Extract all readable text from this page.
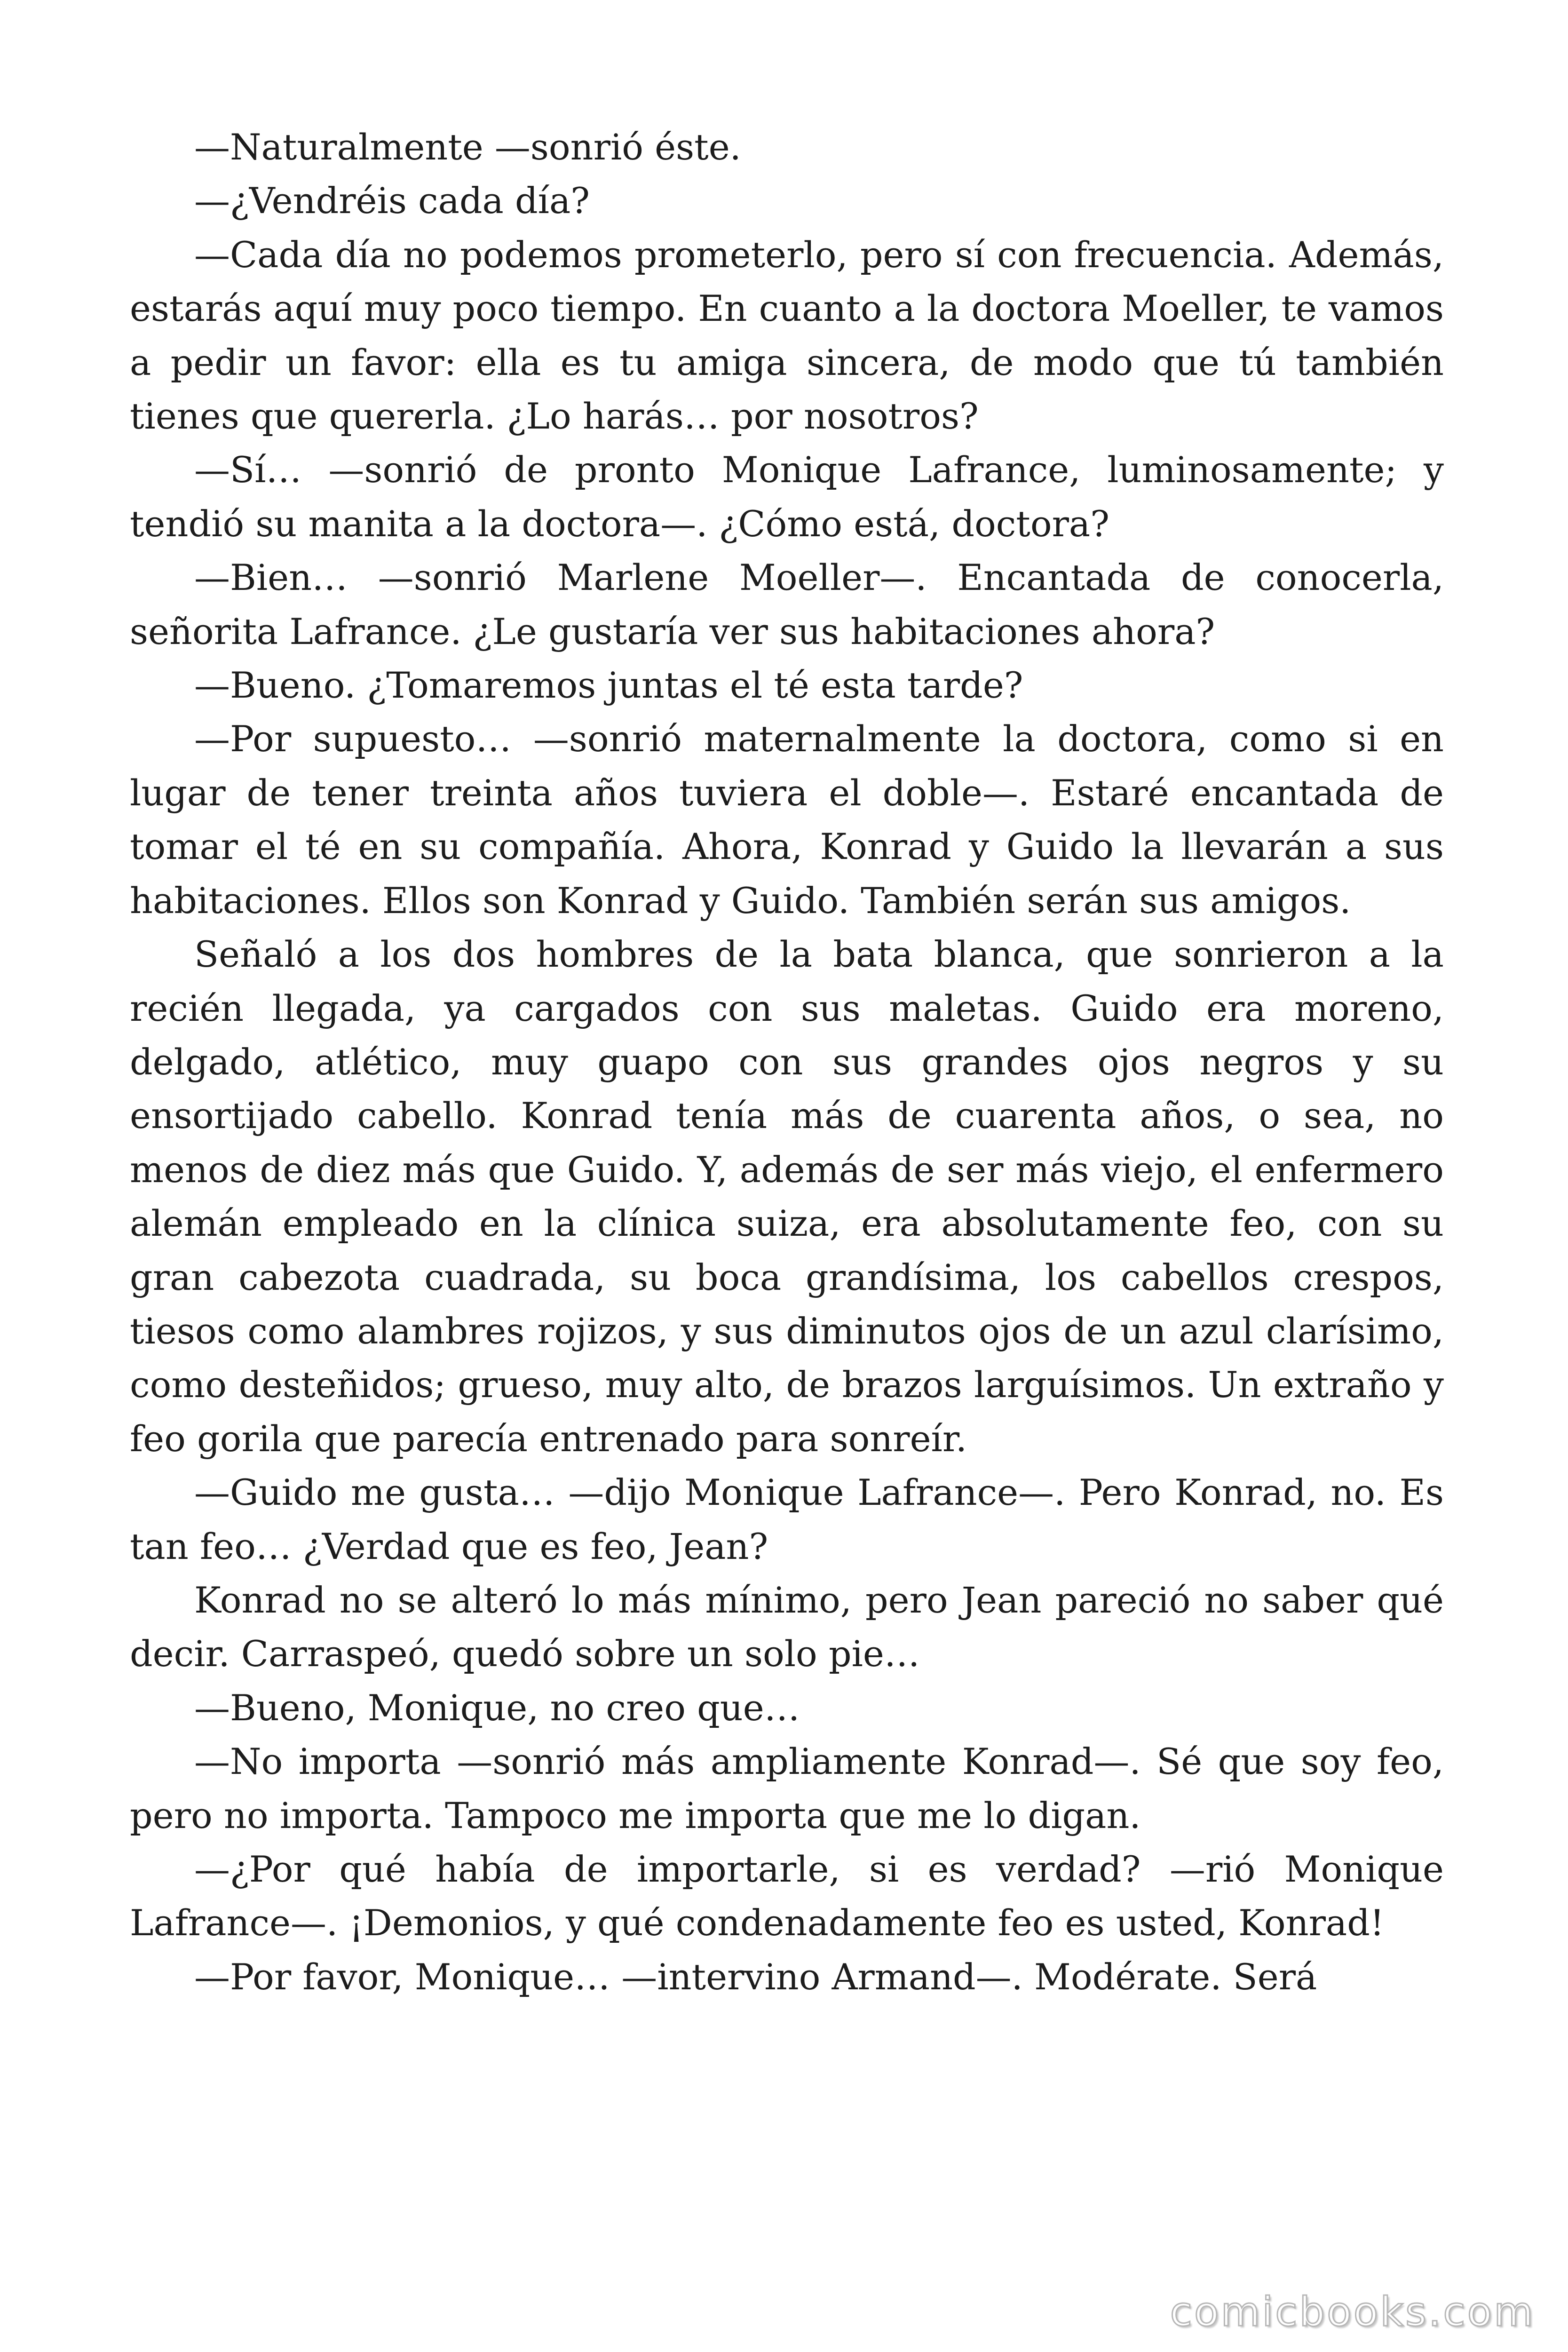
—Naturalmente —sonrió éste.

—¿Vendréis cada día?

—Cada día no podemos prometerlo, pero sí con frecuencia. Además, estarás aquí muy poco tiempo. En cuanto a la doctora Moeller, te vamos a pedir un favor: ella es tu amiga sincera, de modo que tú también tienes que quererla. ¿Lo harás… por nosotros?

—Sí… —sonrió de pronto Monique Lafrance, luminosamente; y tendió su manita a la doctora—. ¿Cómo está, doctora?

—Bien… —sonrió Marlene Moeller—. Encantada de conocerla, señorita Lafrance. ¿Le gustaría ver sus habitaciones ahora?

—Bueno. ¿Tomaremos juntas el té esta tarde?

—Por supuesto… —sonrió maternalmente la doctora, como si en lugar de tener treinta años tuviera el doble—. Estaré encantada de tomar el té en su compañía. Ahora, Konrad y Guido la llevarán a sus habitaciones. Ellos son Konrad y Guido. También serán sus amigos.

Señaló a los dos hombres de la bata blanca, que sonrieron a la recién llegada, ya cargados con sus maletas. Guido era moreno, delgado, atlético, muy guapo con sus grandes ojos negros y su ensortijado cabello. Konrad tenía más de cuarenta años, o sea, no menos de diez más que Guido. Y, además de ser más viejo, el enfermero alemán empleado en la clínica suiza, era absolutamente feo, con su gran cabezota cuadrada, su boca grandísima, los cabellos crespos, tiesos como alambres rojizos, y sus diminutos ojos de un azul clarísimo, como desteñidos; grueso, muy alto, de brazos larguísimos. Un extraño y feo gorila que parecía entrenado para sonreír.

—Guido me gusta… —dijo Monique Lafrance—. Pero Konrad, no. Es tan feo… ¿Verdad que es feo, Jean?

Konrad no se alteró lo más mínimo, pero Jean pareció no saber qué decir. Carraspeó, quedó sobre un solo pie…

—Bueno, Monique, no creo que…

—No importa —sonrió más ampliamente Konrad—. Sé que soy feo, pero no importa. Tampoco me importa que me lo digan.

—¿Por qué había de importarle, si es verdad? —rió Monique Lafrance—. ¡Demonios, y qué condenadamente feo es usted, Konrad!

—Por favor, Monique… —intervino Armand—. Modérate. Será

comicbooks.com
